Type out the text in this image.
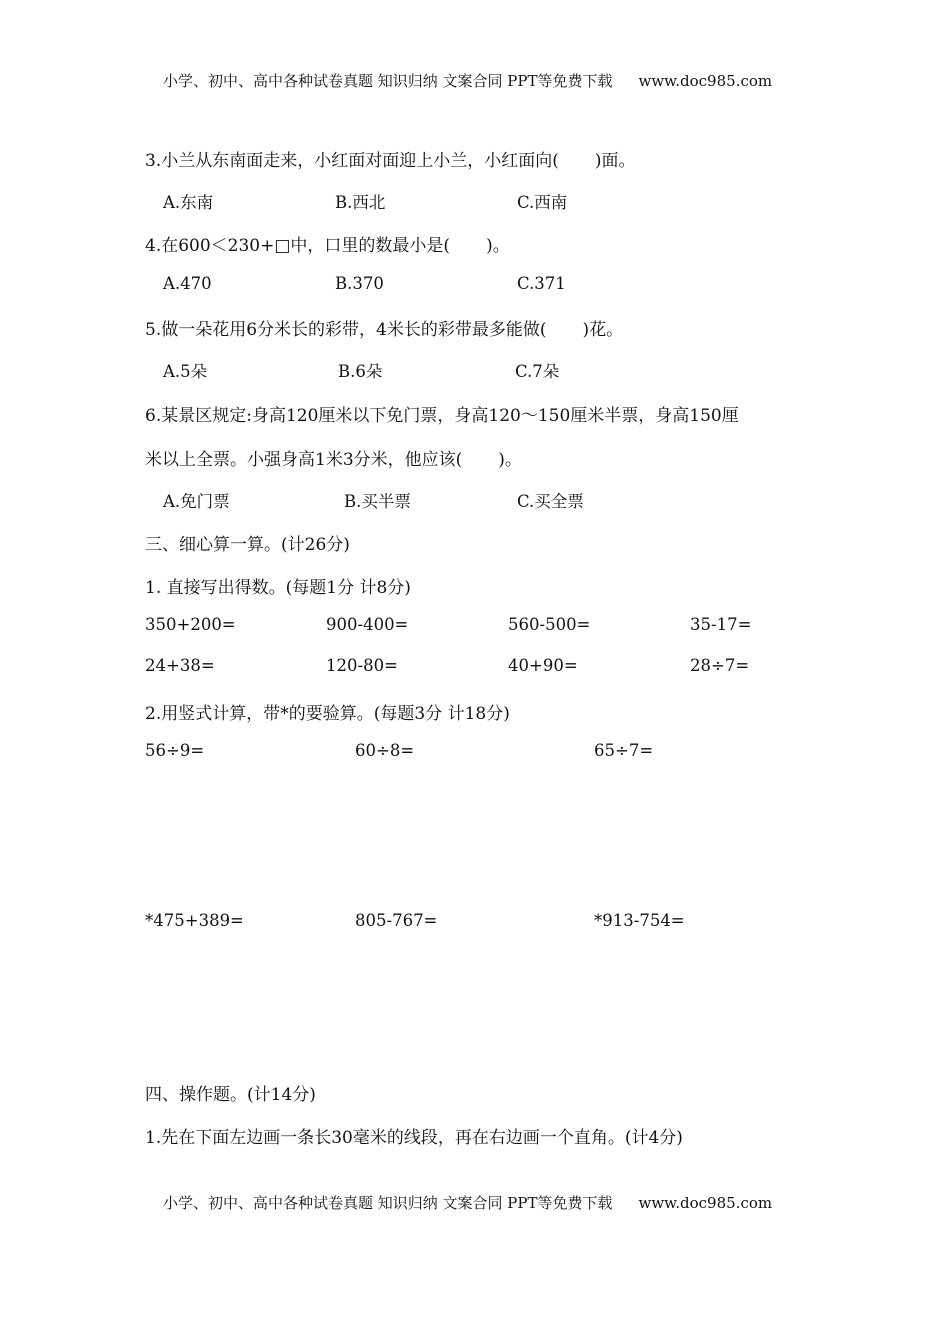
小学、初中、高中各种试卷真题 知识归纳 文案合同 PPT等免费下载 www.doc985.com
3.小兰从东南面走来，小红面对面迎上小兰，小红面向( )面。
A.东南	B.西北	C.西南
4.在600＜230+□中，口里的数最小是( )。
A.470	B.370	C.371
5.做一朵花用6分米长的彩带，4米长的彩带最多能做( )花。
A.5朵	B.6朵	C.7朵
6.某景区规定:身高120厘米以下免门票，身高120～150厘米半票，身高150厘
米以上全票。小强身高1米3分米，他应该( )。
A.免门票	B.买半票	C.买全票
三、细心算一算。(计26分)
1. 直接写出得数。(每题1分 计8分)
350+200=	900-400=	560-500=	35-17=
24+38=	120-80=	40+90=	28÷7=
2.用竖式计算，带*的要验算。(每题3分 计18分)
56÷9=	60÷8=	65÷7=
*475+389=	805-767=	*913-754=
四、操作题。(计14分)
1.先在下面左边画一条长30毫米的线段，再在右边画一个直角。(计4分)
小学、初中、高中各种试卷真题 知识归纳 文案合同 PPT等免费下载 www.doc985.com
